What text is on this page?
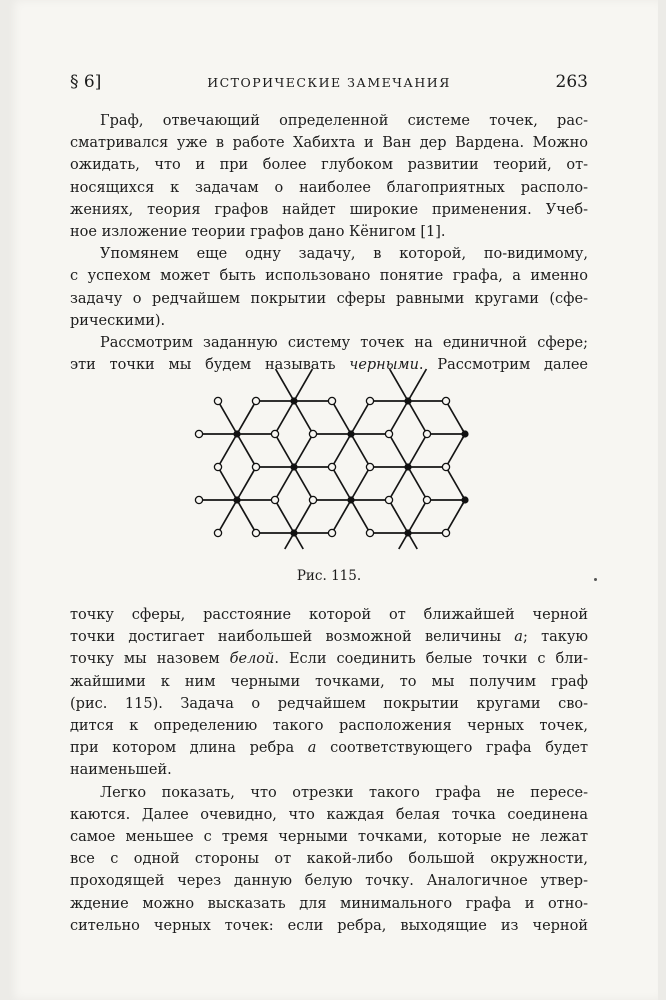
§ 6]	ИСТОРИЧЕСКИЕ ЗАМЕЧАНИЯ	263
Граф, отвечающий определенной системе точек, рас-
сматривался уже в работе Хабихта и Ван дер Вардена. Можно
ожидать, что и при более глубоком развитии теорий, от-
носящихся к задачам о наиболее благоприятных располо-
жениях, теория графов найдет широкие применения. Учеб-
ное изложение теории графов дано Кёнигом [1].
Упомянем еще одну задачу, в которой, по-видимому,
с успехом может быть использовано понятие графа, а именно
задачу о редчайшем покрытии сферы равными кругами (сфе-
рическими).
Рассмотрим заданную систему точек на единичной сфере;
эти точки мы будем называть черными. Рассмотрим далее
Рис. 115.
точку сферы, расстояние которой от ближайшей черной
точки достигает наибольшей возможной величины a; такую
точку мы назовем белой. Если соединить белые точки с бли-
жайшими к ним черными точками, то мы получим граф
(рис. 115). Задача о редчайшем покрытии кругами сво-
дится к определению такого расположения черных точек,
при котором длина ребра a соответствующего графа будет
наименьшей.
Легко показать, что отрезки такого графа не пересе-
каются. Далее очевидно, что каждая белая точка соединена
самое меньшее с тремя черными точками, которые не лежат
все с одной стороны от какой-либо большой окружности,
проходящей через данную белую точку. Аналогичное утвер-
ждение можно высказать для минимального графа и отно-
сительно черных точек: если ребра, выходящие из черной
